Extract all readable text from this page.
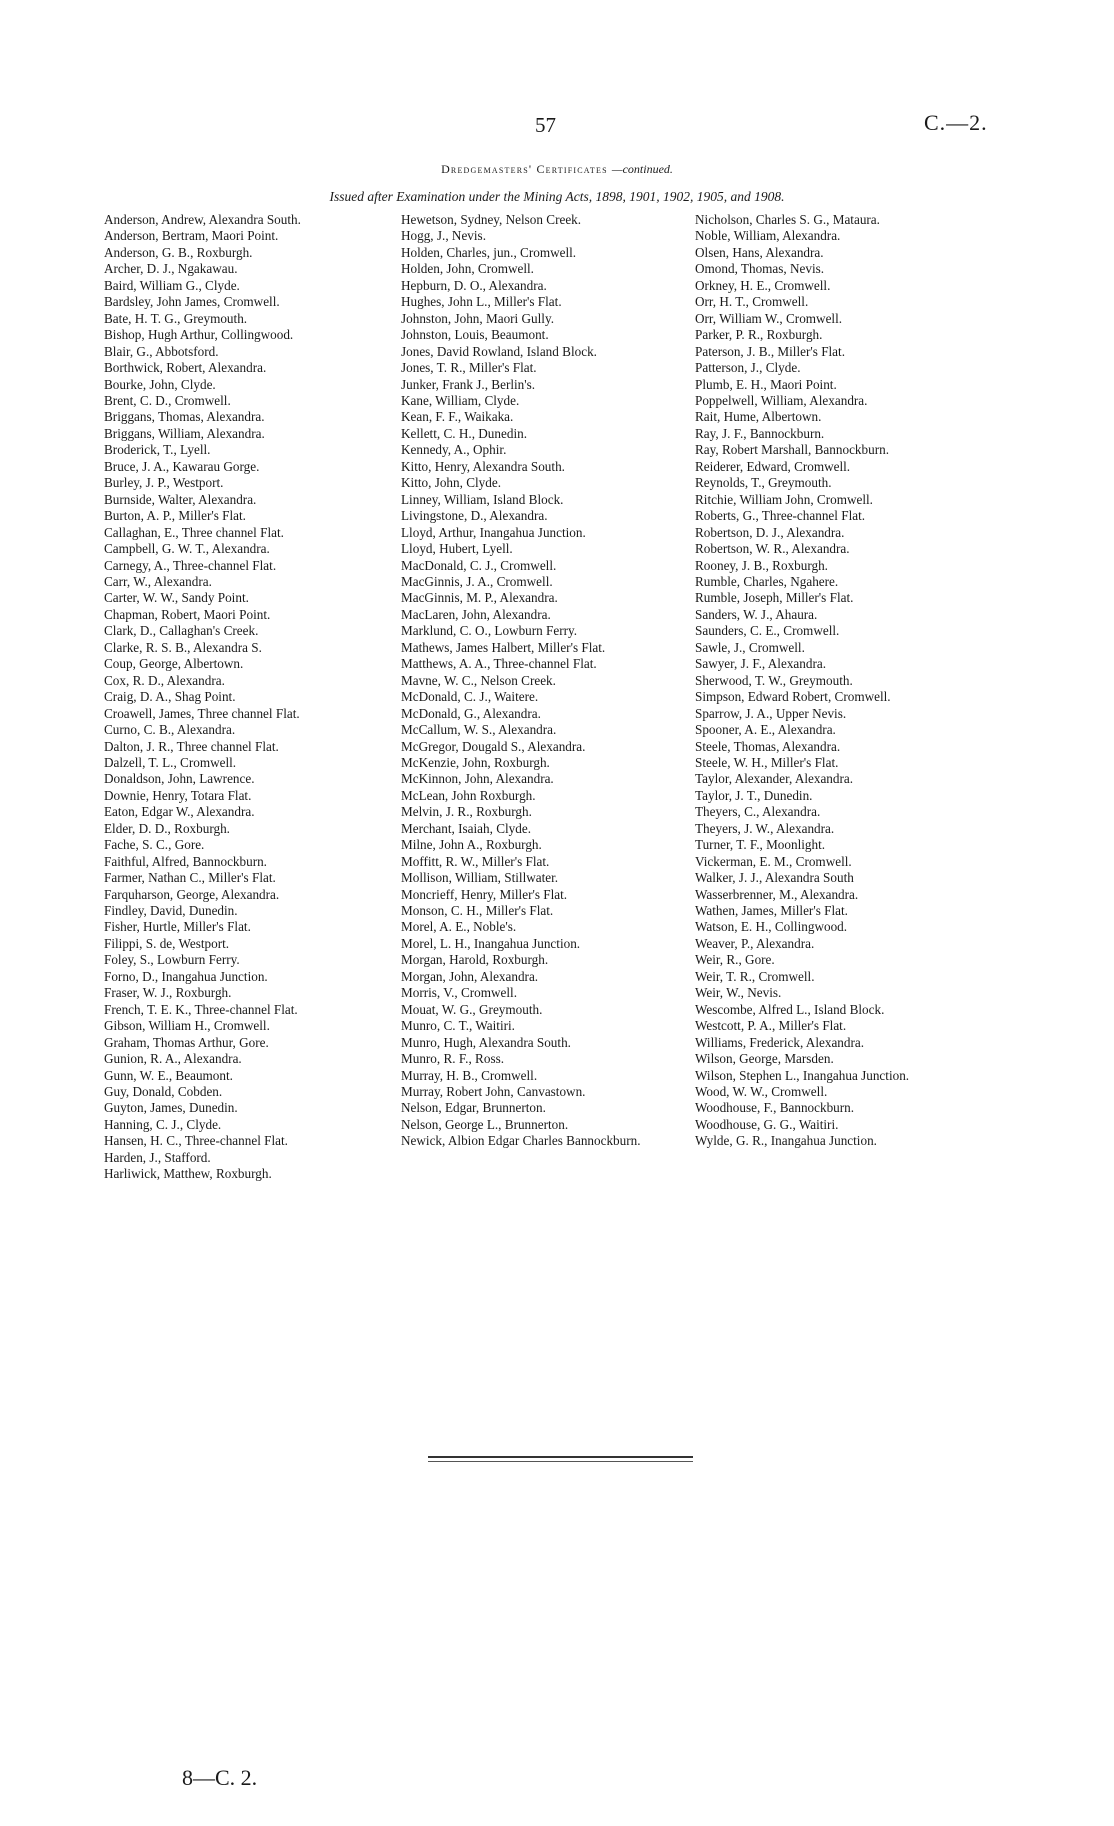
57	C.—2.
Dredgemasters' Certificates —continued.
Issued after Examination under the Mining Acts, 1898, 1901, 1902, 1905, and 1908.
Anderson, Andrew, Alexandra South.
Anderson, Bertram, Maori Point.
Anderson, G. B., Roxburgh.
Archer, D. J., Ngakawau.
Baird, William G., Clyde.
Bardsley, John James, Cromwell.
Bate, H. T. G., Greymouth.
Bishop, Hugh Arthur, Collingwood.
Blair, G., Abbotsford.
Borthwick, Robert, Alexandra.
Bourke, John, Clyde.
Brent, C. D., Cromwell.
Briggans, Thomas, Alexandra.
Briggans, William, Alexandra.
Broderick, T., Lyell.
Bruce, J. A., Kawarau Gorge.
Burley, J. P., Westport.
Burnside, Walter, Alexandra.
Burton, A. P., Miller's Flat.
Callaghan, E., Three channel Flat.
Campbell, G. W. T., Alexandra.
Carnegy, A., Three-channel Flat.
Carr, W., Alexandra.
Carter, W. W., Sandy Point.
Chapman, Robert, Maori Point.
Clark, D., Callaghan's Creek.
Clarke, R. S. B., Alexandra S.
Coup, George, Albertown.
Cox, R. D., Alexandra.
Craig, D. A., Shag Point.
Croawell, James, Three channel Flat.
Curno, C. B., Alexandra.
Dalton, J. R., Three channel Flat.
Dalzell, T. L., Cromwell.
Donaldson, John, Lawrence.
Downie, Henry, Totara Flat.
Eaton, Edgar W., Alexandra.
Elder, D. D., Roxburgh.
Fache, S. C., Gore.
Faithful, Alfred, Bannockburn.
Farmer, Nathan C., Miller's Flat.
Farquharson, George, Alexandra.
Findley, David, Dunedin.
Fisher, Hurtle, Miller's Flat.
Filippi, S. de, Westport.
Foley, S., Lowburn Ferry.
Forno, D., Inangahua Junction.
Fraser, W. J., Roxburgh.
French, T. E. K., Three-channel Flat.
Gibson, William H., Cromwell.
Graham, Thomas Arthur, Gore.
Gunion, R. A., Alexandra.
Gunn, W. E., Beaumont.
Guy, Donald, Cobden.
Guyton, James, Dunedin.
Hanning, C. J., Clyde.
Hansen, H. C., Three-channel Flat.
Harden, J., Stafford.
Harliwick, Matthew, Roxburgh.
Hewetson, Sydney, Nelson Creek.
Hogg, J., Nevis.
Holden, Charles, jun., Cromwell.
Holden, John, Cromwell.
Hepburn, D. O., Alexandra.
Hughes, John L., Miller's Flat.
Johnston, John, Maori Gully.
Johnston, Louis, Beaumont.
Jones, David Rowland, Island Block.
Jones, T. R., Miller's Flat.
Junker, Frank J., Berlin's.
Kane, William, Clyde.
Kean, F. F., Waikaka.
Kellett, C. H., Dunedin.
Kennedy, A., Ophir.
Kitto, Henry, Alexandra South.
Kitto, John, Clyde.
Linney, William, Island Block.
Livingstone, D., Alexandra.
Lloyd, Arthur, Inangahua Junction.
Lloyd, Hubert, Lyell.
MacDonald, C. J., Cromwell.
MacGinnis, J. A., Cromwell.
MacGinnis, M. P., Alexandra.
MacLaren, John, Alexandra.
Marklund, C. O., Lowburn Ferry.
Mathews, James Halbert, Miller's Flat.
Matthews, A. A., Three-channel Flat.
Mavne, W. C., Nelson Creek.
McDonald, C. J., Waitere.
McDonald, G., Alexandra.
McCallum, W. S., Alexandra.
McGregor, Dougald S., Alexandra.
McKenzie, John, Roxburgh.
McKinnon, John, Alexandra.
McLean, John Roxburgh.
Melvin, J. R., Roxburgh.
Merchant, Isaiah, Clyde.
Milne, John A., Roxburgh.
Moffitt, R. W., Miller's Flat.
Mollison, William, Stillwater.
Moncrieff, Henry, Miller's Flat.
Monson, C. H., Miller's Flat.
Morel, A. E., Noble's.
Morel, L. H., Inangahua Junction.
Morgan, Harold, Roxburgh.
Morgan, John, Alexandra.
Morris, V., Cromwell.
Mouat, W. G., Greymouth.
Munro, C. T., Waitiri.
Munro, Hugh, Alexandra South.
Munro, R. F., Ross.
Murray, H. B., Cromwell.
Murray, Robert John, Canvastown.
Nelson, Edgar, Brunnerton.
Nelson, George L., Brunnerton.
Newick, Albion Edgar Charles Bannockburn.
Nicholson, Charles S. G., Mataura.
Noble, William, Alexandra.
Olsen, Hans, Alexandra.
Omond, Thomas, Nevis.
Orkney, H. E., Cromwell.
Orr, H. T., Cromwell.
Orr, William W., Cromwell.
Parker, P. R., Roxburgh.
Paterson, J. B., Miller's Flat.
Patterson, J., Clyde.
Plumb, E. H., Maori Point.
Poppelwell, William, Alexandra.
Rait, Hume, Albertown.
Ray, J. F., Bannockburn.
Ray, Robert Marshall, Bannockburn.
Reiderer, Edward, Cromwell.
Reynolds, T., Greymouth.
Ritchie, William John, Cromwell.
Roberts, G., Three-channel Flat.
Robertson, D. J., Alexandra.
Robertson, W. R., Alexandra.
Rooney, J. B., Roxburgh.
Rumble, Charles, Ngahere.
Rumble, Joseph, Miller's Flat.
Sanders, W. J., Ahaura.
Saunders, C. E., Cromwell.
Sawle, J., Cromwell.
Sawyer, J. F., Alexandra.
Sherwood, T. W., Greymouth.
Simpson, Edward Robert, Cromwell.
Sparrow, J. A., Upper Nevis.
Spooner, A. E., Alexandra.
Steele, Thomas, Alexandra.
Steele, W. H., Miller's Flat.
Taylor, Alexander, Alexandra.
Taylor, J. T., Dunedin.
Theyers, C., Alexandra.
Theyers, J. W., Alexandra.
Turner, T. F., Moonlight.
Vickerman, E. M., Cromwell.
Walker, J. J., Alexandra South
Wasserbrenner, M., Alexandra.
Wathen, James, Miller's Flat.
Watson, E. H., Collingwood.
Weaver, P., Alexandra.
Weir, R., Gore.
Weir, T. R., Cromwell.
Weir, W., Nevis.
Wescombe, Alfred L., Island Block.
Westcott, P. A., Miller's Flat.
Williams, Frederick, Alexandra.
Wilson, George, Marsden.
Wilson, Stephen L., Inangahua Junction.
Wood, W. W., Cromwell.
Woodhouse, F., Bannockburn.
Woodhouse, G. G., Waitiri.
Wylde, G. R., Inangahua Junction.
8—C. 2.
